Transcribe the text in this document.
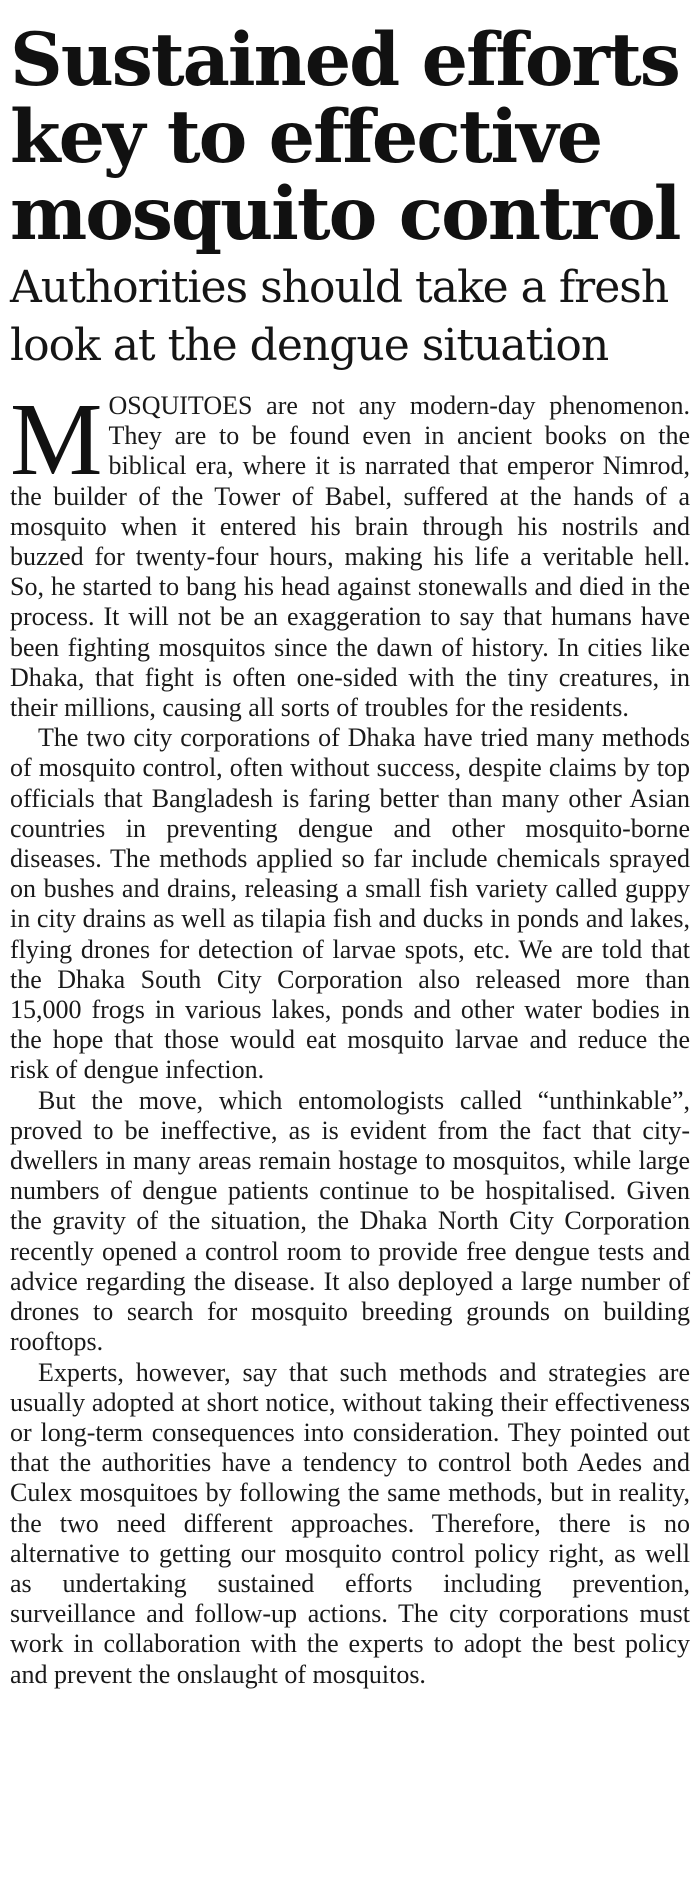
Sustained efforts key to effective mosquito control
Authorities should take a fresh look at the dengue situation

MOSQUITOES are not any modern-day phenomenon. They are to be found even in ancient books on the biblical era, where it is narrated that emperor Nimrod, the builder of the Tower of Babel, suffered at the hands of a mosquito when it entered his brain through his nostrils and buzzed for twenty-four hours, making his life a veritable hell. So, he started to bang his head against stonewalls and died in the process. It will not be an exaggeration to say that humans have been fighting mosquitos since the dawn of history. In cities like Dhaka, that fight is often one-sided with the tiny creatures, in their millions, causing all sorts of troubles for the residents.

The two city corporations of Dhaka have tried many methods of mosquito control, often without success, despite claims by top officials that Bangladesh is faring better than many other Asian countries in preventing dengue and other mosquito-borne diseases. The methods applied so far include chemicals sprayed on bushes and drains, releasing a small fish variety called guppy in city drains as well as tilapia fish and ducks in ponds and lakes, flying drones for detection of larvae spots, etc. We are told that the Dhaka South City Corporation also released more than 15,000 frogs in various lakes, ponds and other water bodies in the hope that those would eat mosquito larvae and reduce the risk of dengue infection.

But the move, which entomologists called “unthinkable”, proved to be ineffective, as is evident from the fact that city-dwellers in many areas remain hostage to mosquitos, while large numbers of dengue patients continue to be hospitalised. Given the gravity of the situation, the Dhaka North City Corporation recently opened a control room to provide free dengue tests and advice regarding the disease. It also deployed a large number of drones to search for mosquito breeding grounds on building rooftops.

Experts, however, say that such methods and strategies are usually adopted at short notice, without taking their effectiveness or long-term consequences into consideration. They pointed out that the authorities have a tendency to control both Aedes and Culex mosquitoes by following the same methods, but in reality, the two need different approaches. Therefore, there is no alternative to getting our mosquito control policy right, as well as undertaking sustained efforts including prevention, surveillance and follow-up actions. The city corporations must work in collaboration with the experts to adopt the best policy and prevent the onslaught of mosquitos.
